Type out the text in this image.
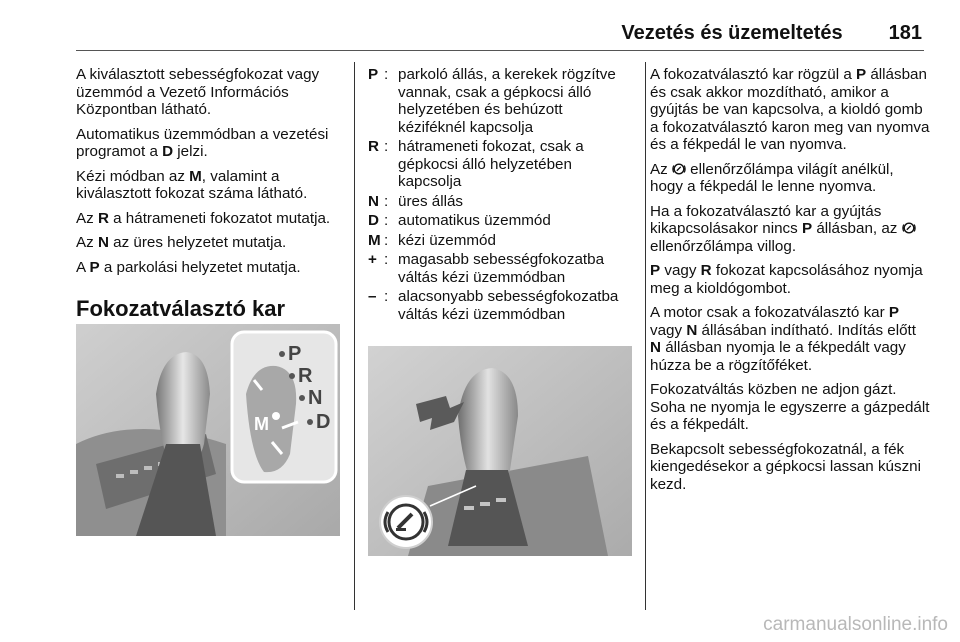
Vezetés és üzemeltetés 181

A kiválasztott sebességfokozat vagy üzemmód a Vezető Információs Központban látható.

Automatikus üzemmódban a vezetési programot a D jelzi.

Kézi módban az M, valamint a kiválasztott fokozat száma látható.

Az R a hátrameneti fokozatot mutatja.

Az N az üres helyzetet mutatja.

A P a parkolási helyzetet mutatja.

Fokozatválasztó kar
P
R
N
D
M
P : parkoló állás, a kerekek rögzítve vannak, csak a gépkocsi álló helyzetében és behúzott kéziféknél kapcsolja
R : hátrameneti fokozat, csak a gépkocsi álló helyzetében kapcsolja
N : üres állás
D : automatikus üzemmód
M : kézi üzemmód
+ : magasabb sebességfokozatba váltás kézi üzemmódban
– : alacsonyabb sebességfokozatba váltás kézi üzemmódban

A fokozatválasztó kar rögzül a P állásban és csak akkor mozdítható, amikor a gyújtás be van kapcsolva, a kioldó gomb a fokozatválasztó karon meg van nyomva és a fékpedál le van nyomva.

Az  ellenőrzőlámpa világít anélkül, hogy a fékpedál le lenne nyomva.

Ha a fokozatválasztó kar a gyújtás kikapcsolásakor nincs P állásban, az  ellenőrzőlámpa villog.

P vagy R fokozat kapcsolásához nyomja meg a kioldógombot.

A motor csak a fokozatválasztó kar P vagy N állásában indítható. Indítás előtt N állásban nyomja le a fékpedált vagy húzza be a rögzítőféket.

Fokozatváltás közben ne adjon gázt. Soha ne nyomja le egyszerre a gázpedált és a fékpedált.

Bekapcsolt sebességfokozatnál, a fék kiengedésekor a gépkocsi lassan kúszni kezd.

carmanualsonline.info
